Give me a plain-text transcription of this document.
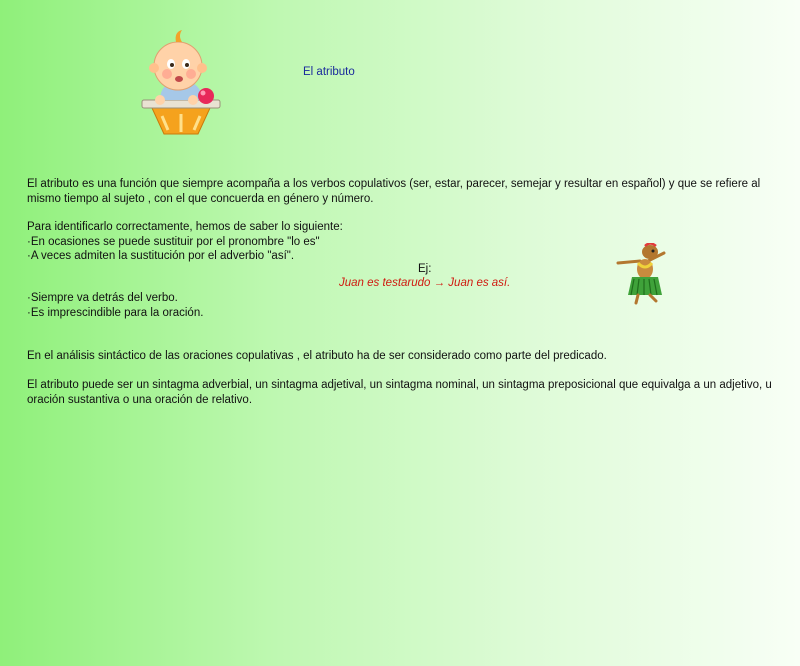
El atributo
El atributo es una función que siempre acompaña a los verbos copulativos (ser, estar, parecer, semejar y resultar en español) y que se refiere al
mismo tiempo al sujeto , con el que concuerda en género y número.
Para identificarlo correctamente, hemos de saber lo siguiente:
·En ocasiones se puede sustituir por el pronombre "lo es"
·A veces admiten la sustitución por el adverbio "así".
Ej:
Juan es testarudo → Juan es así.
·Siempre va detrás del verbo.
·Es imprescindible para la oración.
En el análisis sintáctico de las oraciones copulativas , el atributo ha de ser considerado como parte del predicado.
El atributo puede ser un sintagma adverbial, un sintagma adjetival, un sintagma nominal, un sintagma preposicional que equivalga a un adjetivo, u
oración sustantiva o una oración de relativo.
